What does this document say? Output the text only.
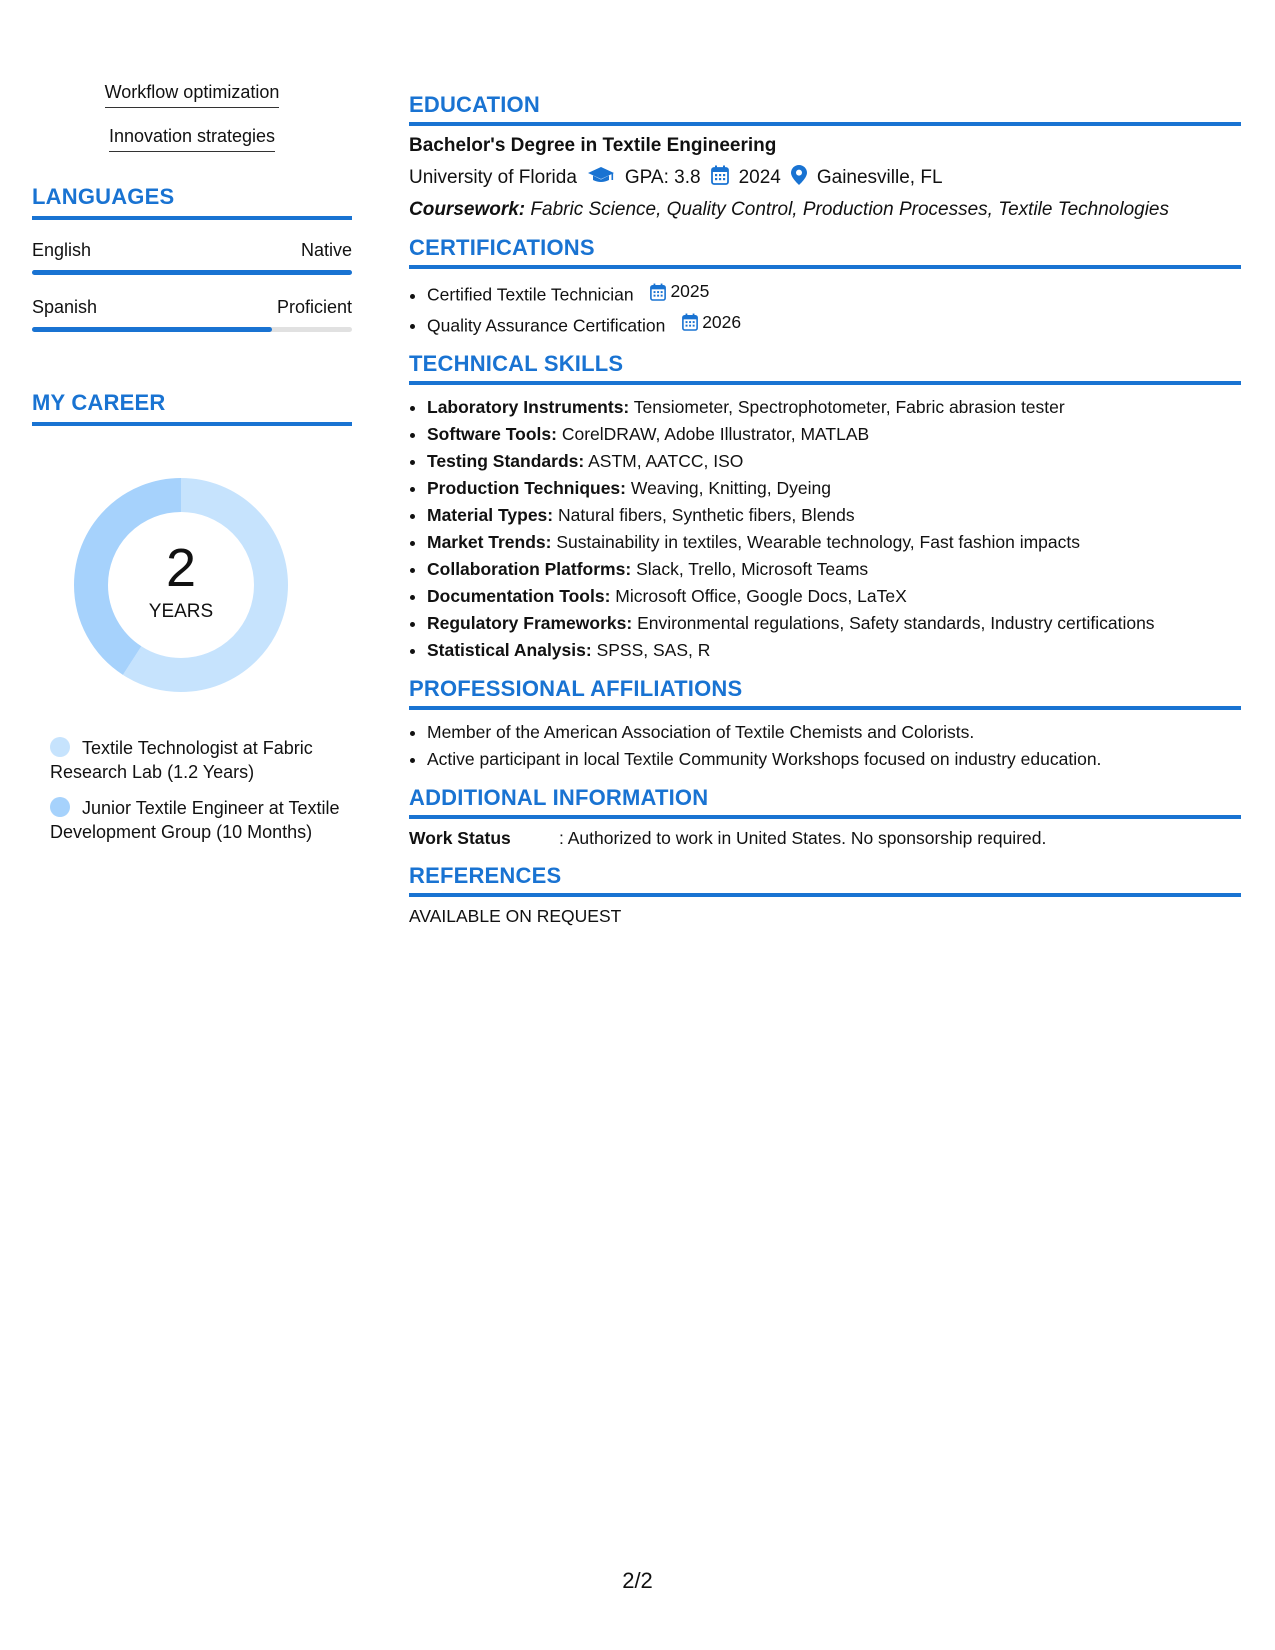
Workflow optimization
Innovation strategies
LANGUAGES
English	Native
Spanish	Proficient
MY CAREER
2
YEARS
Textile Technologist at Fabric Research Lab (1.2 Years)
Junior Textile Engineer at Textile Development Group (10 Months)
EDUCATION
Bachelor's Degree in Textile Engineering
University of Florida	GPA: 3.8 2024 Gainesville, FL
Coursework: Fabric Science, Quality Control, Production Processes, Textile Technologies
CERTIFICATIONS
• Certified Textile Technician 2025
• Quality Assurance Certification 2026
TECHNICAL SKILLS
• Laboratory Instruments: Tensiometer, Spectrophotometer, Fabric abrasion tester
• Software Tools: CorelDRAW, Adobe Illustrator, MATLAB
• Testing Standards: ASTM, AATCC, ISO
• Production Techniques: Weaving, Knitting, Dyeing
• Material Types: Natural fibers, Synthetic fibers, Blends
• Market Trends: Sustainability in textiles, Wearable technology, Fast fashion impacts
• Collaboration Platforms: Slack, Trello, Microsoft Teams
• Documentation Tools: Microsoft Office, Google Docs, LaTeX
• Regulatory Frameworks: Environmental regulations, Safety standards, Industry certifications
• Statistical Analysis: SPSS, SAS, R
PROFESSIONAL AFFILIATIONS
• Member of the American Association of Textile Chemists and Colorists.
• Active participant in local Textile Community Workshops focused on industry education.
ADDITIONAL INFORMATION
Work Status	: Authorized to work in United States. No sponsorship required.
REFERENCES
AVAILABLE ON REQUEST
2/2
